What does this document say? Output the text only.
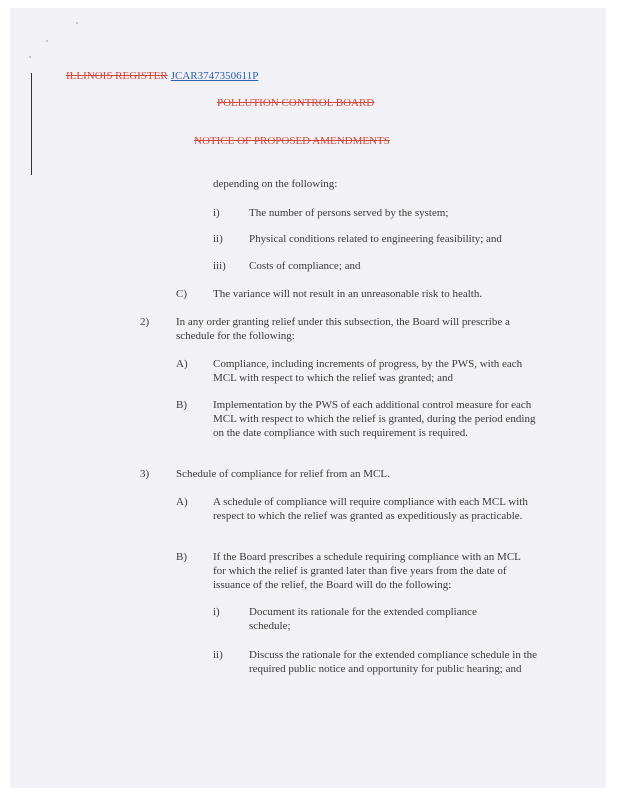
ILLINOIS REGISTER JCAR3747350611P
POLLUTION CONTROL BOARD
NOTICE OF PROPOSED AMENDMENTS
depending on the following:
i)	The number of persons served by the system;
ii) Physical conditions related to engineering feasibility; and
iii) Costs of compliance; and
C) The variance will not result in an unreasonable risk to health.
2) In any order granting relief under this subsection, the Board will prescribe a schedule for the following:
A) Compliance, including increments of progress, by the PWS, with each MCL with respect to which the relief was granted; and
B) Implementation by the PWS of each additional control measure for each MCL with respect to which the relief is granted, during the period ending on the date compliance with such requirement is required.
3) Schedule of compliance for relief from an MCL.
A) A schedule of compliance will require compliance with each MCL with respect to which the relief was granted as expeditiously as practicable.
B) If the Board prescribes a schedule requiring compliance with an MCL for which the relief is granted later than five years from the date of issuance of the relief, the Board will do the following:
i)	Document its rationale for the extended compliance schedule;
ii) Discuss the rationale for the extended compliance schedule in the required public notice and opportunity for public hearing; and
